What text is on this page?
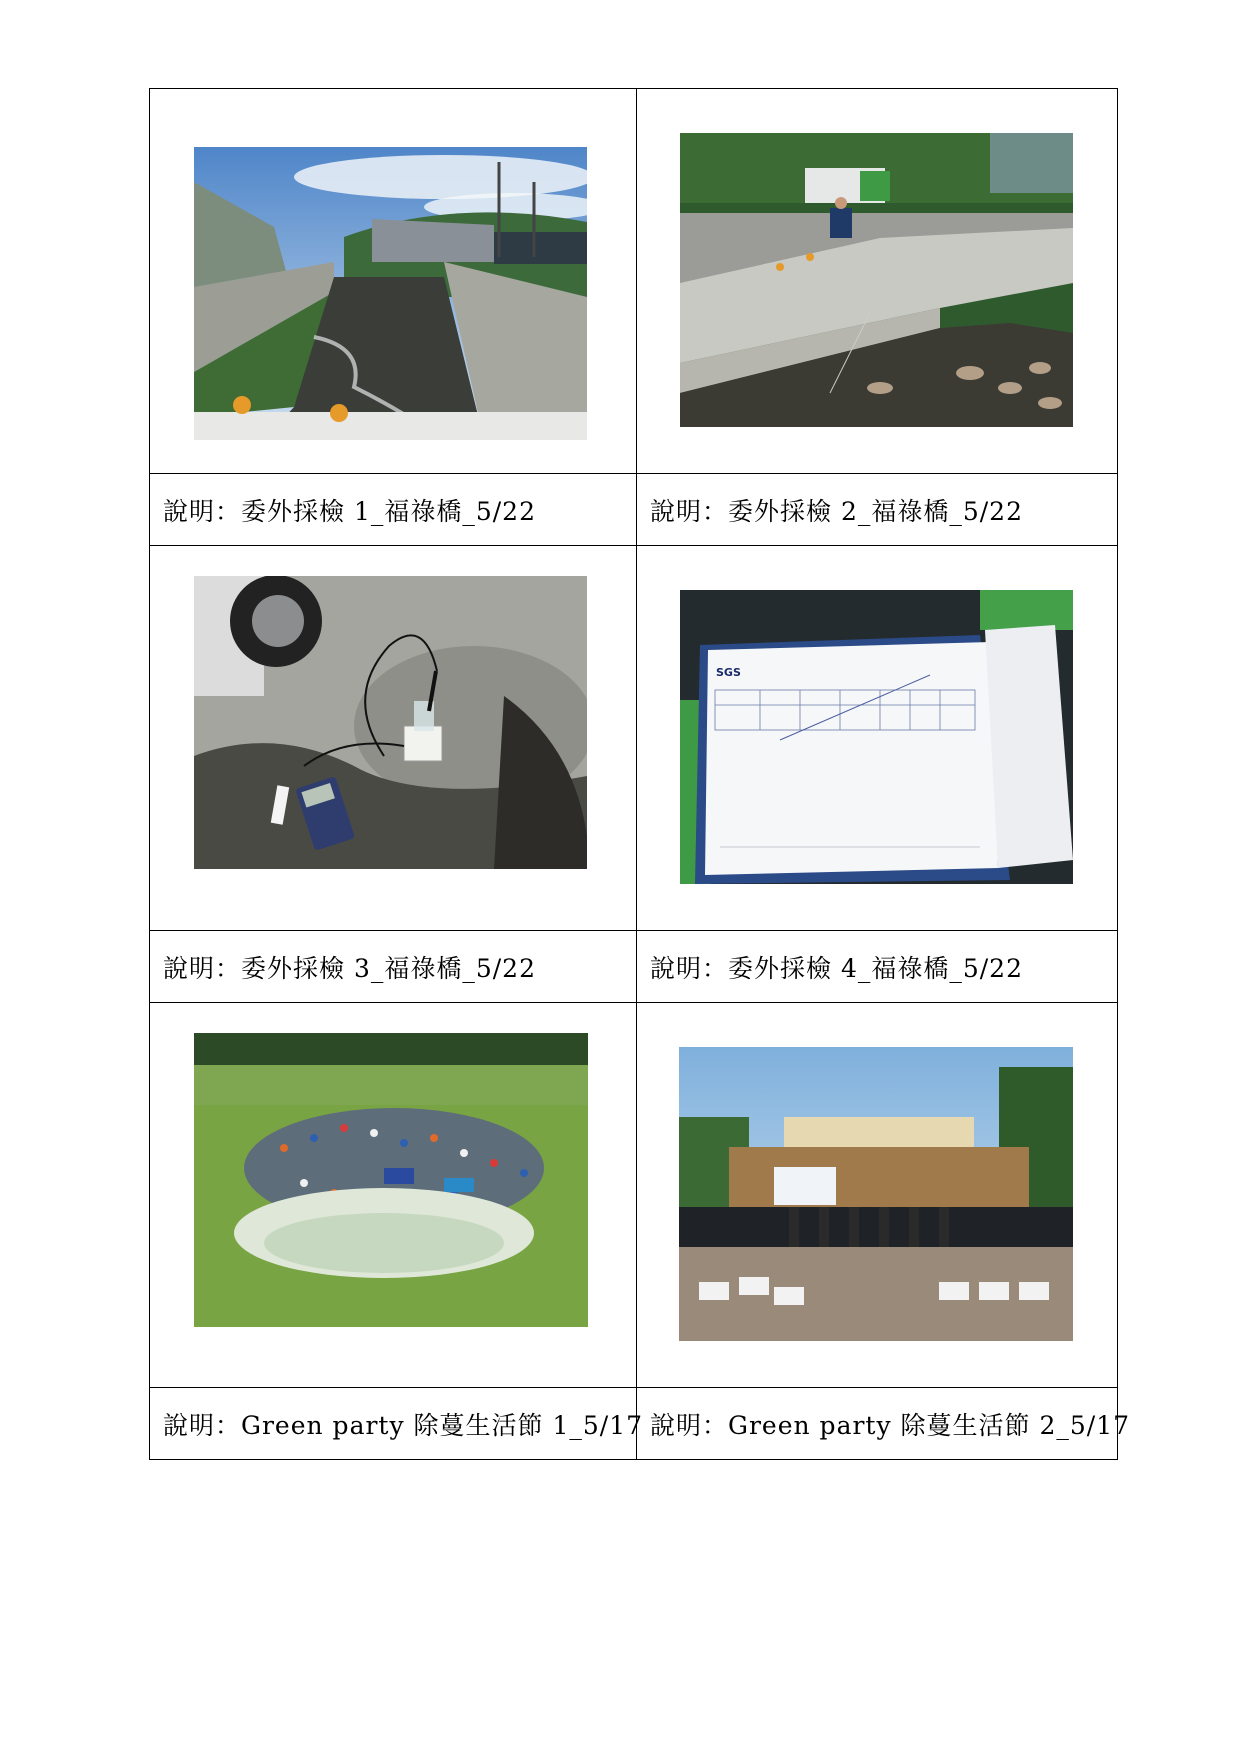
說明：委外採檢 1_福祿橋_5/22	說明：委外採檢 2_福祿橋_5/22

SGS

說明：委外採檢 3_福祿橋_5/22	說明：委外採檢 4_福祿橋_5/22

說明：Green party 除蔓生活節 1_5/17	說明：Green party 除蔓生活節 2_5/17
